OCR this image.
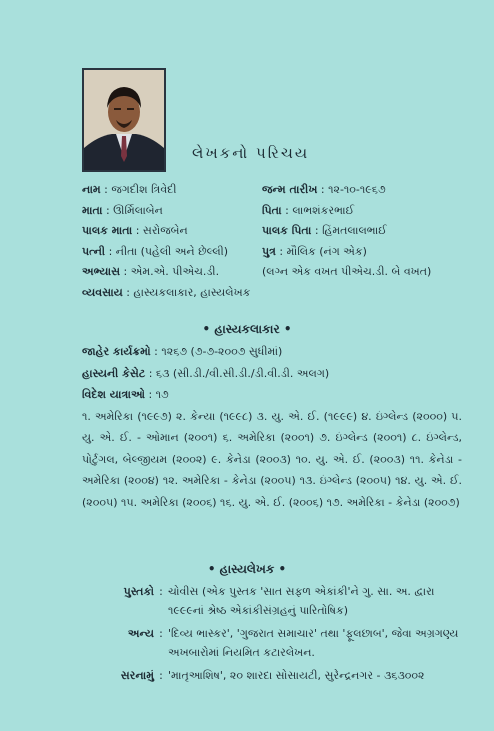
લેખકનો પરિચય
નામ : જગદીશ ત્રિવેદી	જન્મ તારીખ : ૧૨-૧૦-૧૯૬૭
માતા : ઊર્મિલાબેન	પિતા : લાભશંકરભાઈ
પાલક માતા : સરોજબેન	પાલક પિતા : હિંમતલાલભાઈ
પત્ની : નીતા (પહેલી અને છેલ્લી)	પુત્ર : મૌલિક (નંગ એક)
અભ્યાસ : એમ.એ. પીએચ.ડી.	(લગ્ન એક વખત પીએચ.ડી. બે વખત)
વ્યવસાય : હાસ્યકલાકાર, હાસ્યલેખક
• હાસ્યકલાકાર •

જાહેર કાર્યક્રમો : ૧૨૬૭ (૭-૭-૨૦૦૭ સુધીમાં)

હાસ્યની કેસેટ : ૬૩ (સી.ડી./વી.સી.ડી./ડી.વી.ડી. અલગ)

વિદેશ યાત્રાઓ : ૧૭

૧. અમેરિકા (૧૯૯૭) ૨. કેન્યા (૧૯૯૮) ૩. યુ. એ. ઈ. (૧૯૯૯) ૪. ઇંગ્લેન્ડ (૨૦૦૦) ૫. યુ. એ. ઈ. - ઓમાન (૨૦૦૧) ૬. અમેરિકા (૨૦૦૧) ૭. ઇંગ્લેન્ડ (૨૦૦૧) ૮. ઇંગ્લેન્ડ, પોર્ટુગલ, બેલ્જીયમ (૨૦૦૨) ૯. કેનેડા (૨૦૦૩) ૧૦. યુ. એ. ઈ. (૨૦૦૩) ૧૧. કેનેડા - અમેરિકા (૨૦૦૪) ૧૨. અમેરિકા - કેનેડા (૨૦૦૫) ૧૩. ઇંગ્લેન્ડ (૨૦૦૫) ૧૪. યુ. એ. ઈ. (૨૦૦૫) ૧૫. અમેરિકા (૨૦૦૬) ૧૬. યુ. એ. ઈ. (૨૦૦૬) ૧૭. અમેરિકા - કેનેડા (૨૦૦૭)

• હાસ્યલેખક •
પુસ્તકો : ચોવીસ (એક પુસ્તક 'સાત સફળ એકાંકી'ને ગુ. સા. અ. દ્વારા ૧૯૯૯નાં શ્રેષ્ઠ એકાંકીસંગ્રહનું પારિતોષિક)
અન્ય : 'દિવ્ય ભાસ્કર', 'ગુજરાત સમાચાર' તથા 'ફૂલછાબ', જેવા અગ્રગણ્ય અખબારોમાં નિયમિત કટારલેખન.
સરનામું : 'માતૃઆશિષ', ૨૦ શારદા સોસાયટી, સુરેન્દ્રનગર - ૩૬૩૦૦૨
